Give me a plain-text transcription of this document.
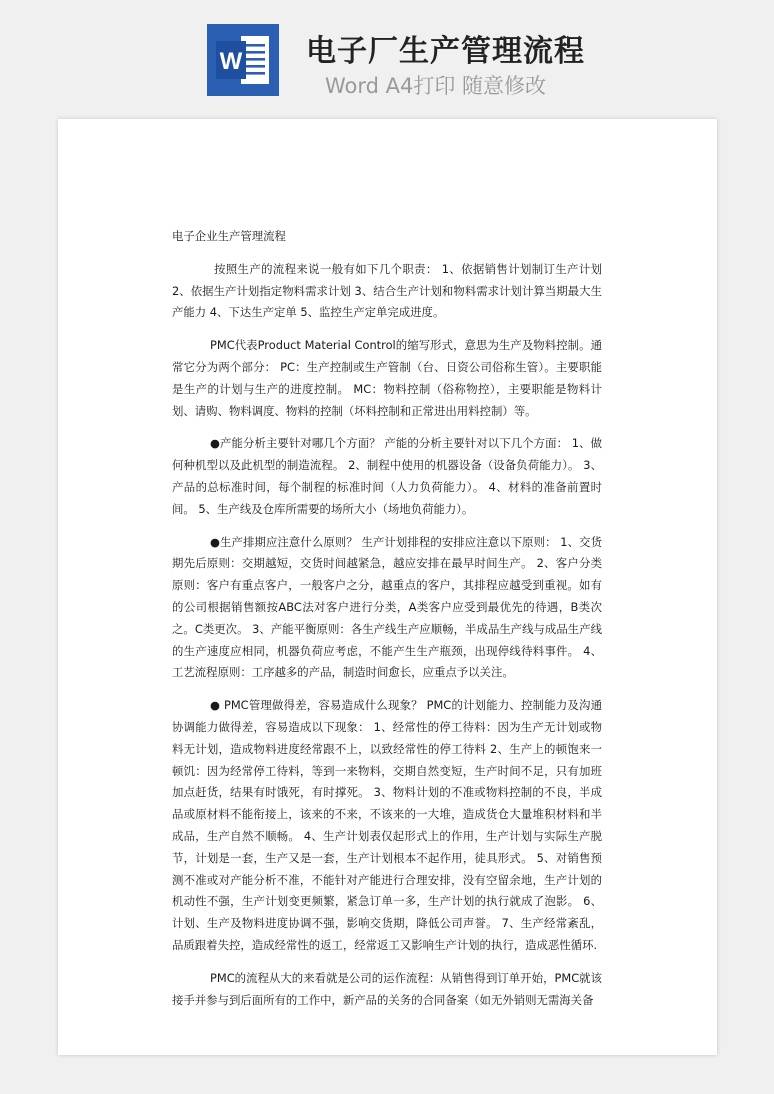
W 电子厂生产管理流程
Word A4打印 随意修改

电子企业生产管理流程

按照生产的流程来说一般有如下几个职责： 1、依据销售计划制订生产计划 2、依据生产计划指定物料需求计划 3、结合生产计划和物料需求计划计算当期最大生产能力 4、下达生产定单 5、监控生产定单完成进度。

PMC代表Product Material Control的缩写形式，意思为生产及物料控制。通常它分为两个部分： PC：生产控制或生产管制（台、日资公司俗称生管）。主要职能是生产的计划与生产的进度控制。 MC：物料控制（俗称物控），主要职能是物料计划、请购、物料调度、物料的控制（坏料控制和正常进出用料控制）等。

●产能分析主要针对哪几个方面？ 产能的分析主要针对以下几个方面： 1、做何种机型以及此机型的制造流程。 2、制程中使用的机器设备（设备负荷能力）。 3、产品的总标准时间，每个制程的标准时间（人力负荷能力）。 4、材料的准备前置时间。 5、生产线及仓库所需要的场所大小（场地负荷能力）。

●生产排期应注意什么原则？ 生产计划排程的安排应注意以下原则： 1、交货期先后原则：交期越短，交货时间越紧急，越应安排在最早时间生产。 2、客户分类原则：客户有重点客户，一般客户之分，越重点的客户，其排程应越受到重视。如有的公司根据销售额按ABC法对客户进行分类，A类客户应受到最优先的待遇，B类次之。C类更次。 3、产能平衡原则：各生产线生产应顺畅，半成品生产线与成品生产线的生产速度应相同，机器负荷应考虑，不能产生生产瓶颈，出现停线待料事件。 4、工艺流程原则：工序越多的产品，制造时间愈长，应重点予以关注。

● PMC管理做得差，容易造成什么现象？ PMC的计划能力、控制能力及沟通协调能力做得差，容易造成以下现象： 1、经常性的停工待料：因为生产无计划或物料无计划，造成物料进度经常跟不上，以致经常性的停工待料 2、生产上的顿饱来一顿饥：因为经常停工待料，等到一来物料，交期自然变短，生产时间不足，只有加班加点赶货，结果有时饿死，有时撑死。 3、物料计划的不准或物料控制的不良，半成品或原材料不能衔接上，该来的不来，不该来的一大堆，造成货仓大量堆积材料和半成品，生产自然不顺畅。 4、生产计划表仅起形式上的作用，生产计划与实际生产脱节，计划是一套，生产又是一套，生产计划根本不起作用，徒具形式。 5、对销售预测不准或对产能分析不准，不能针对产能进行合理安排，没有空留余地，生产计划的机动性不强，生产计划变更频繁，紧急订单一多，生产计划的执行就成了泡影。 6、计划、生产及物料进度协调不强，影响交货期，降低公司声誉。 7、生产经常紊乱，品质跟着失控，造成经常性的返工，经常返工又影响生产计划的执行，造成恶性循环.

PMC的流程从大的来看就是公司的运作流程：从销售得到订单开始，PMC就该接手并参与到后面所有的工作中，新产品的关务的合同备案（如无外销则无需海关备
